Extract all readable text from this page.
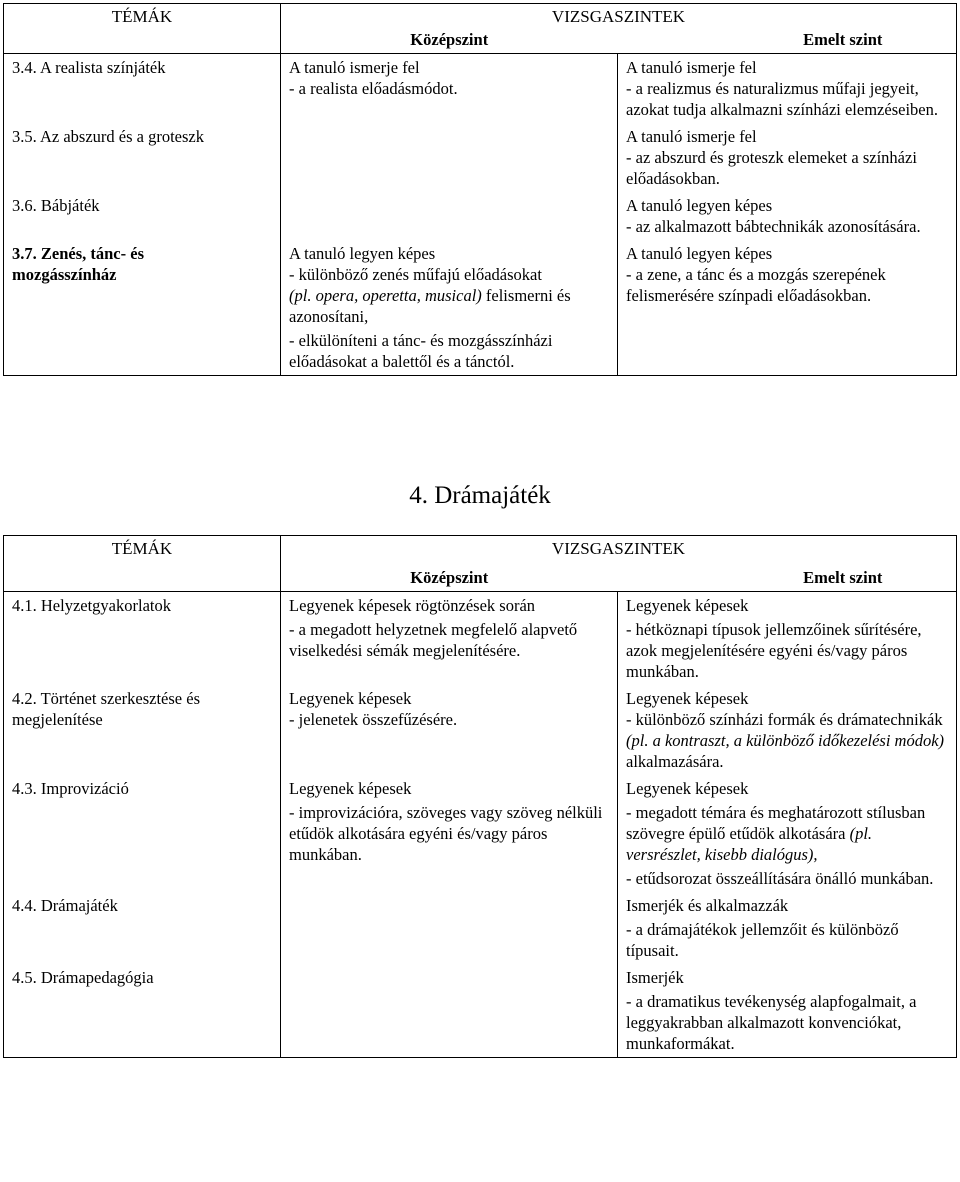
TÉMÁK	VIZSGASZINTEK	
	Középszint	Emelt szint
3.4. A realista színjáték	A tanuló ismerje fel
- a realista előadásmódot.	A tanuló ismerje fel
- a realizmus és naturalizmus műfaji jegyeit, azokat tudja alkalmazni színházi elemzéseiben.

3.5. Az abszurd és a groteszk		A tanuló ismerje fel
- az abszurd és groteszk elemeket a színházi előadásokban.

3.6. Bábjáték		A tanuló legyen képes
- az alkalmazott bábtechnikák azonosítására.

3.7. Zenés, tánc- és mozgásszínház	A tanuló legyen képes
- különböző zenés műfajú előadásokat
(pl. opera, operetta, musical) felismerni és azonosítani,
- elkülöníteni a tánc- és mozgásszínházi előadásokat a balettől és a tánctól.	A tanuló legyen képes
- a zene, a tánc és a mozgás szerepének felismerésére színpadi előadásokban.
4. Drámajáték
TÉMÁK	VIZSGASZINTEK	
	Középszint	Emelt szint
4.1. Helyzetgyakorlatok	Legyenek képesek rögtönzések során
- a megadott helyzetnek megfelelő alapvető viselkedési sémák megjelenítésére.	Legyenek képesek
- hétköznapi típusok jellemzőinek sűrítésére, azok megjelenítésére egyéni és/vagy páros munkában.

4.2. Történet szerkesztése és megjelenítése	Legyenek képesek
- jelenetek összefűzésére.	Legyenek képesek
- különböző színházi formák és drámatechnikák (pl. a kontraszt, a különböző időkezelési módok)
alkalmazására.

4.3. Improvizáció	Legyenek képesek
- improvizációra, szöveges vagy szöveg nélküli etűdök alkotására egyéni és/vagy páros munkában.	Legyenek képesek
- megadott témára és meghatározott stílusban szövegre épülő etűdök alkotására (pl. versrészlet, kisebb dialógus),
- etűdsorozat összeállítására önálló munkában.

4.4. Drámajáték		Ismerjék és alkalmazzák
- a drámajátékok jellemzőit és különböző típusait.

4.5. Drámapedagógia		Ismerjék
- a dramatikus tevékenység alapfogalmait, a leggyakrabban alkalmazott konvenciókat, munkaformákat.
